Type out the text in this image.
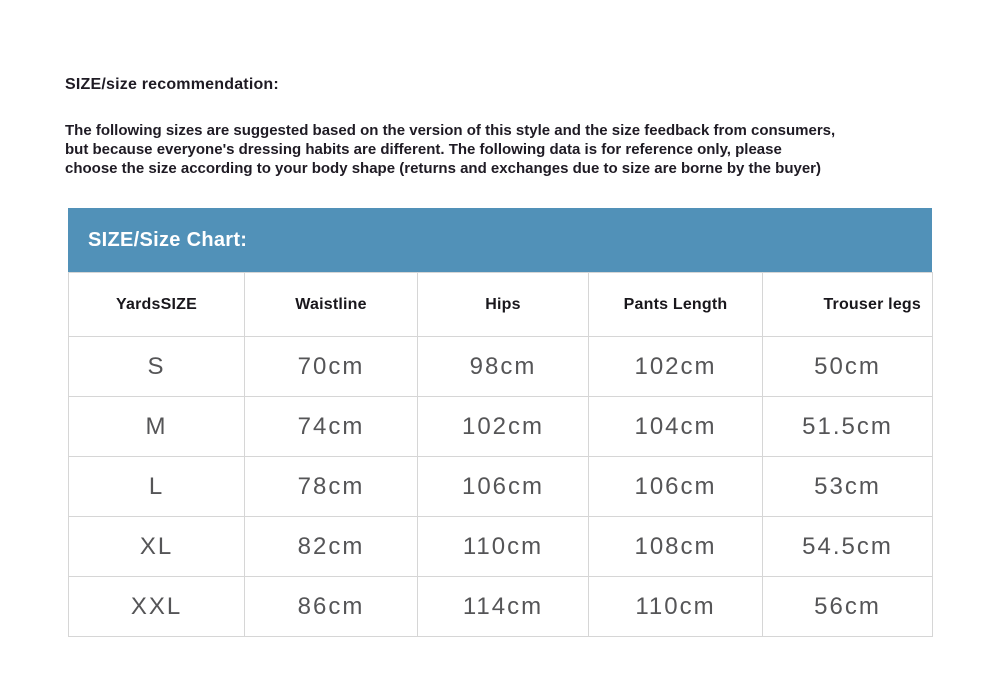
SIZE/size recommendation:
The following sizes are suggested based on the version of this style and the size feedback from consumers,
but because everyone's dressing habits are different. The following data is for reference only, please
choose the size according to your body shape (returns and exchanges due to size are borne by the buyer)
SIZE/Size Chart:
YardsSIZE	Waistline	Hips	Pants Length	Trouser legs
S	70cm	98cm	102cm	50cm
M	74cm	102cm	104cm	51.5cm
L	78cm	106cm	106cm	53cm
XL	82cm	110cm	108cm	54.5cm
XXL	86cm	114cm	110cm	56cm
